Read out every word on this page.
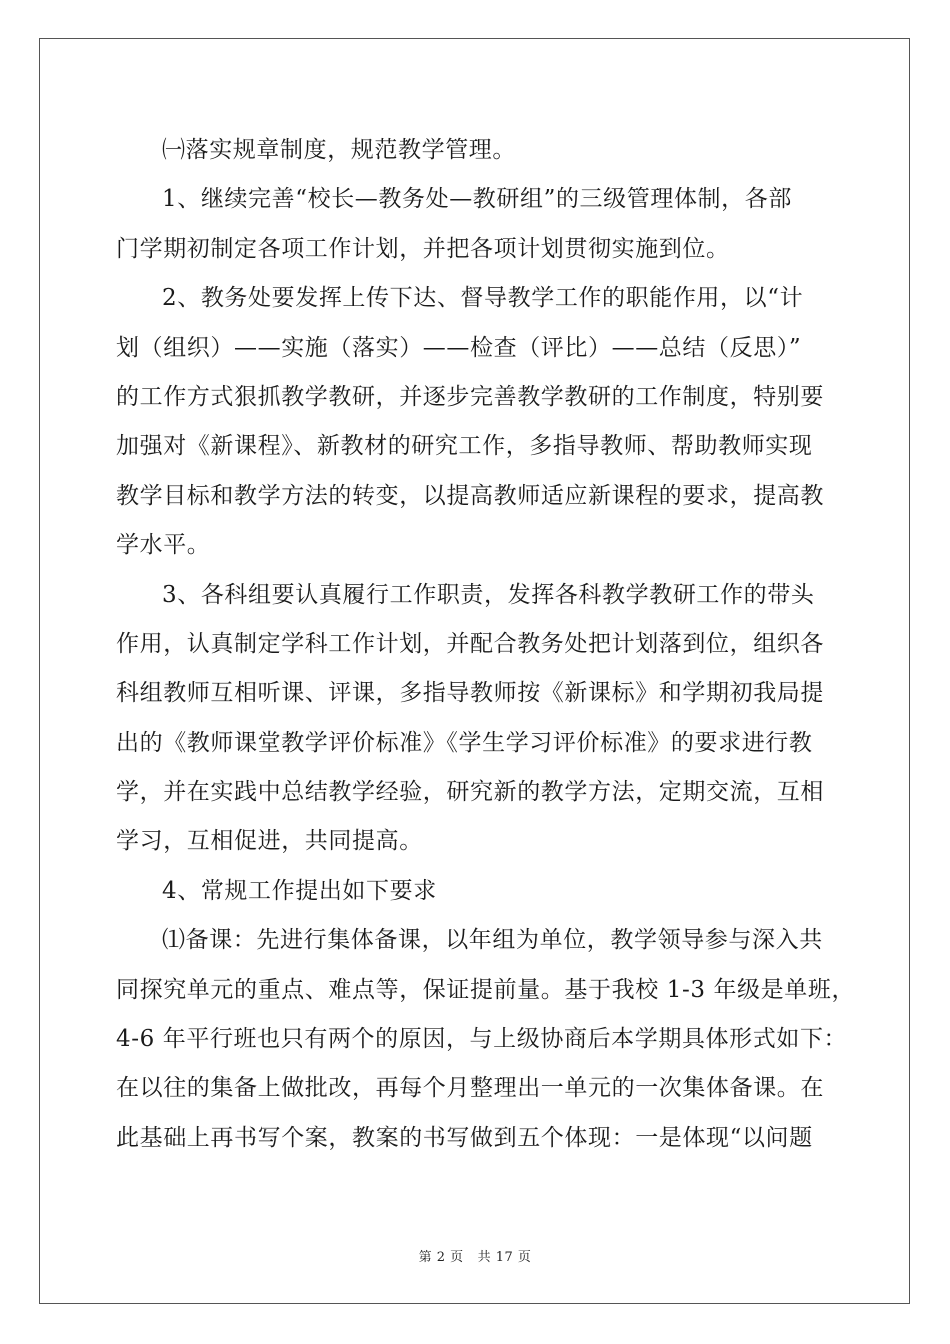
㈠落实规章制度，规范教学管理。
1、继续完善“校长—教务处—教研组”的三级管理体制，各部
门学期初制定各项工作计划，并把各项计划贯彻实施到位。
2、教务处要发挥上传下达、督导教学工作的职能作用，以“计
划（组织）——实施（落实）——检查（评比）——总结（反思）”
的工作方式狠抓教学教研，并逐步完善教学教研的工作制度，特别要
加强对《新课程》、新教材的研究工作，多指导教师、帮助教师实现
教学目标和教学方法的转变，以提高教师适应新课程的要求，提高教
学水平。
3、各科组要认真履行工作职责，发挥各科教学教研工作的带头
作用，认真制定学科工作计划，并配合教务处把计划落到位，组织各
科组教师互相听课、评课，多指导教师按《新课标》和学期初我局提
出的《教师课堂教学评价标准》《学生学习评价标准》的要求进行教
学，并在实践中总结教学经验，研究新的教学方法，定期交流，互相
学习，互相促进，共同提高。
4、常规工作提出如下要求
⑴备课：先进行集体备课，以年组为单位，教学领导参与深入共
同探究单元的重点、难点等，保证提前量。基于我校 1-3 年级是单班，
4-6 年平行班也只有两个的原因，与上级协商后本学期具体形式如下：
在以往的集备上做批改，再每个月整理出一单元的一次集体备课。在
此基础上再书写个案，教案的书写做到五个体现：一是体现“以问题
第 2 页 共 17 页
